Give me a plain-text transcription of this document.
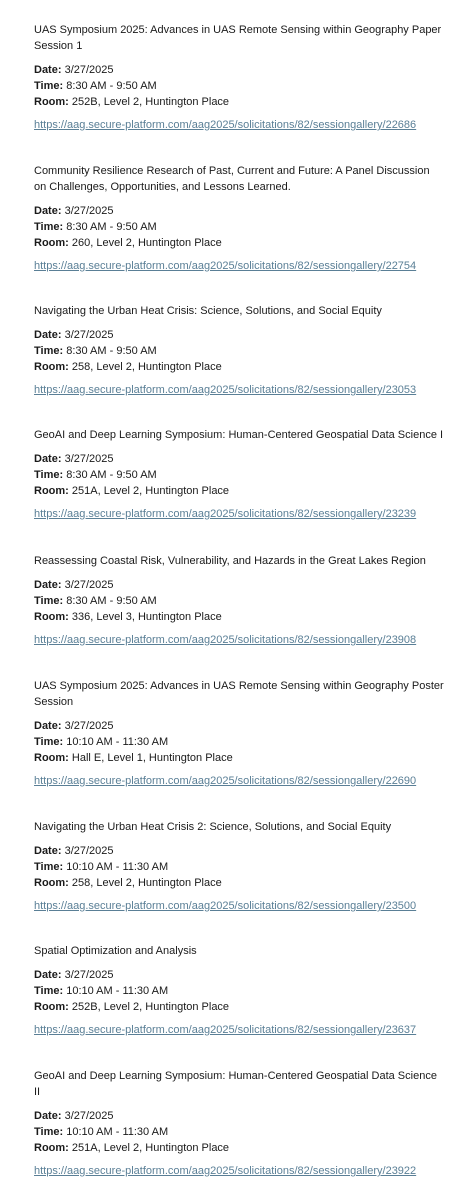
UAS Symposium 2025: Advances in UAS Remote Sensing within Geography Paper Session 1
Date: 3/27/2025
Time: 8:30 AM - 9:50 AM
Room: 252B, Level 2, Huntington Place
https://aag.secure-platform.com/aag2025/solicitations/82/sessiongallery/22686
Community Resilience Research of Past, Current and Future: A Panel Discussion on Challenges, Opportunities, and Lessons Learned.
Date: 3/27/2025
Time: 8:30 AM - 9:50 AM
Room: 260, Level 2, Huntington Place
https://aag.secure-platform.com/aag2025/solicitations/82/sessiongallery/22754
Navigating the Urban Heat Crisis: Science, Solutions, and Social Equity
Date: 3/27/2025
Time: 8:30 AM - 9:50 AM
Room: 258, Level 2, Huntington Place
https://aag.secure-platform.com/aag2025/solicitations/82/sessiongallery/23053
GeoAI and Deep Learning Symposium: Human-Centered Geospatial Data Science I
Date: 3/27/2025
Time: 8:30 AM - 9:50 AM
Room: 251A, Level 2, Huntington Place
https://aag.secure-platform.com/aag2025/solicitations/82/sessiongallery/23239
Reassessing Coastal Risk, Vulnerability, and Hazards in the Great Lakes Region
Date: 3/27/2025
Time: 8:30 AM - 9:50 AM
Room: 336, Level 3, Huntington Place
https://aag.secure-platform.com/aag2025/solicitations/82/sessiongallery/23908
UAS Symposium 2025: Advances in UAS Remote Sensing within Geography Poster Session
Date: 3/27/2025
Time: 10:10 AM - 11:30 AM
Room: Hall E, Level 1, Huntington Place
https://aag.secure-platform.com/aag2025/solicitations/82/sessiongallery/22690
Navigating the Urban Heat Crisis 2: Science, Solutions, and Social Equity
Date: 3/27/2025
Time: 10:10 AM - 11:30 AM
Room: 258, Level 2, Huntington Place
https://aag.secure-platform.com/aag2025/solicitations/82/sessiongallery/23500
Spatial Optimization and Analysis
Date: 3/27/2025
Time: 10:10 AM - 11:30 AM
Room: 252B, Level 2, Huntington Place
https://aag.secure-platform.com/aag2025/solicitations/82/sessiongallery/23637
GeoAI and Deep Learning Symposium: Human-Centered Geospatial Data Science II
Date: 3/27/2025
Time: 10:10 AM - 11:30 AM
Room: 251A, Level 2, Huntington Place
https://aag.secure-platform.com/aag2025/solicitations/82/sessiongallery/23922
